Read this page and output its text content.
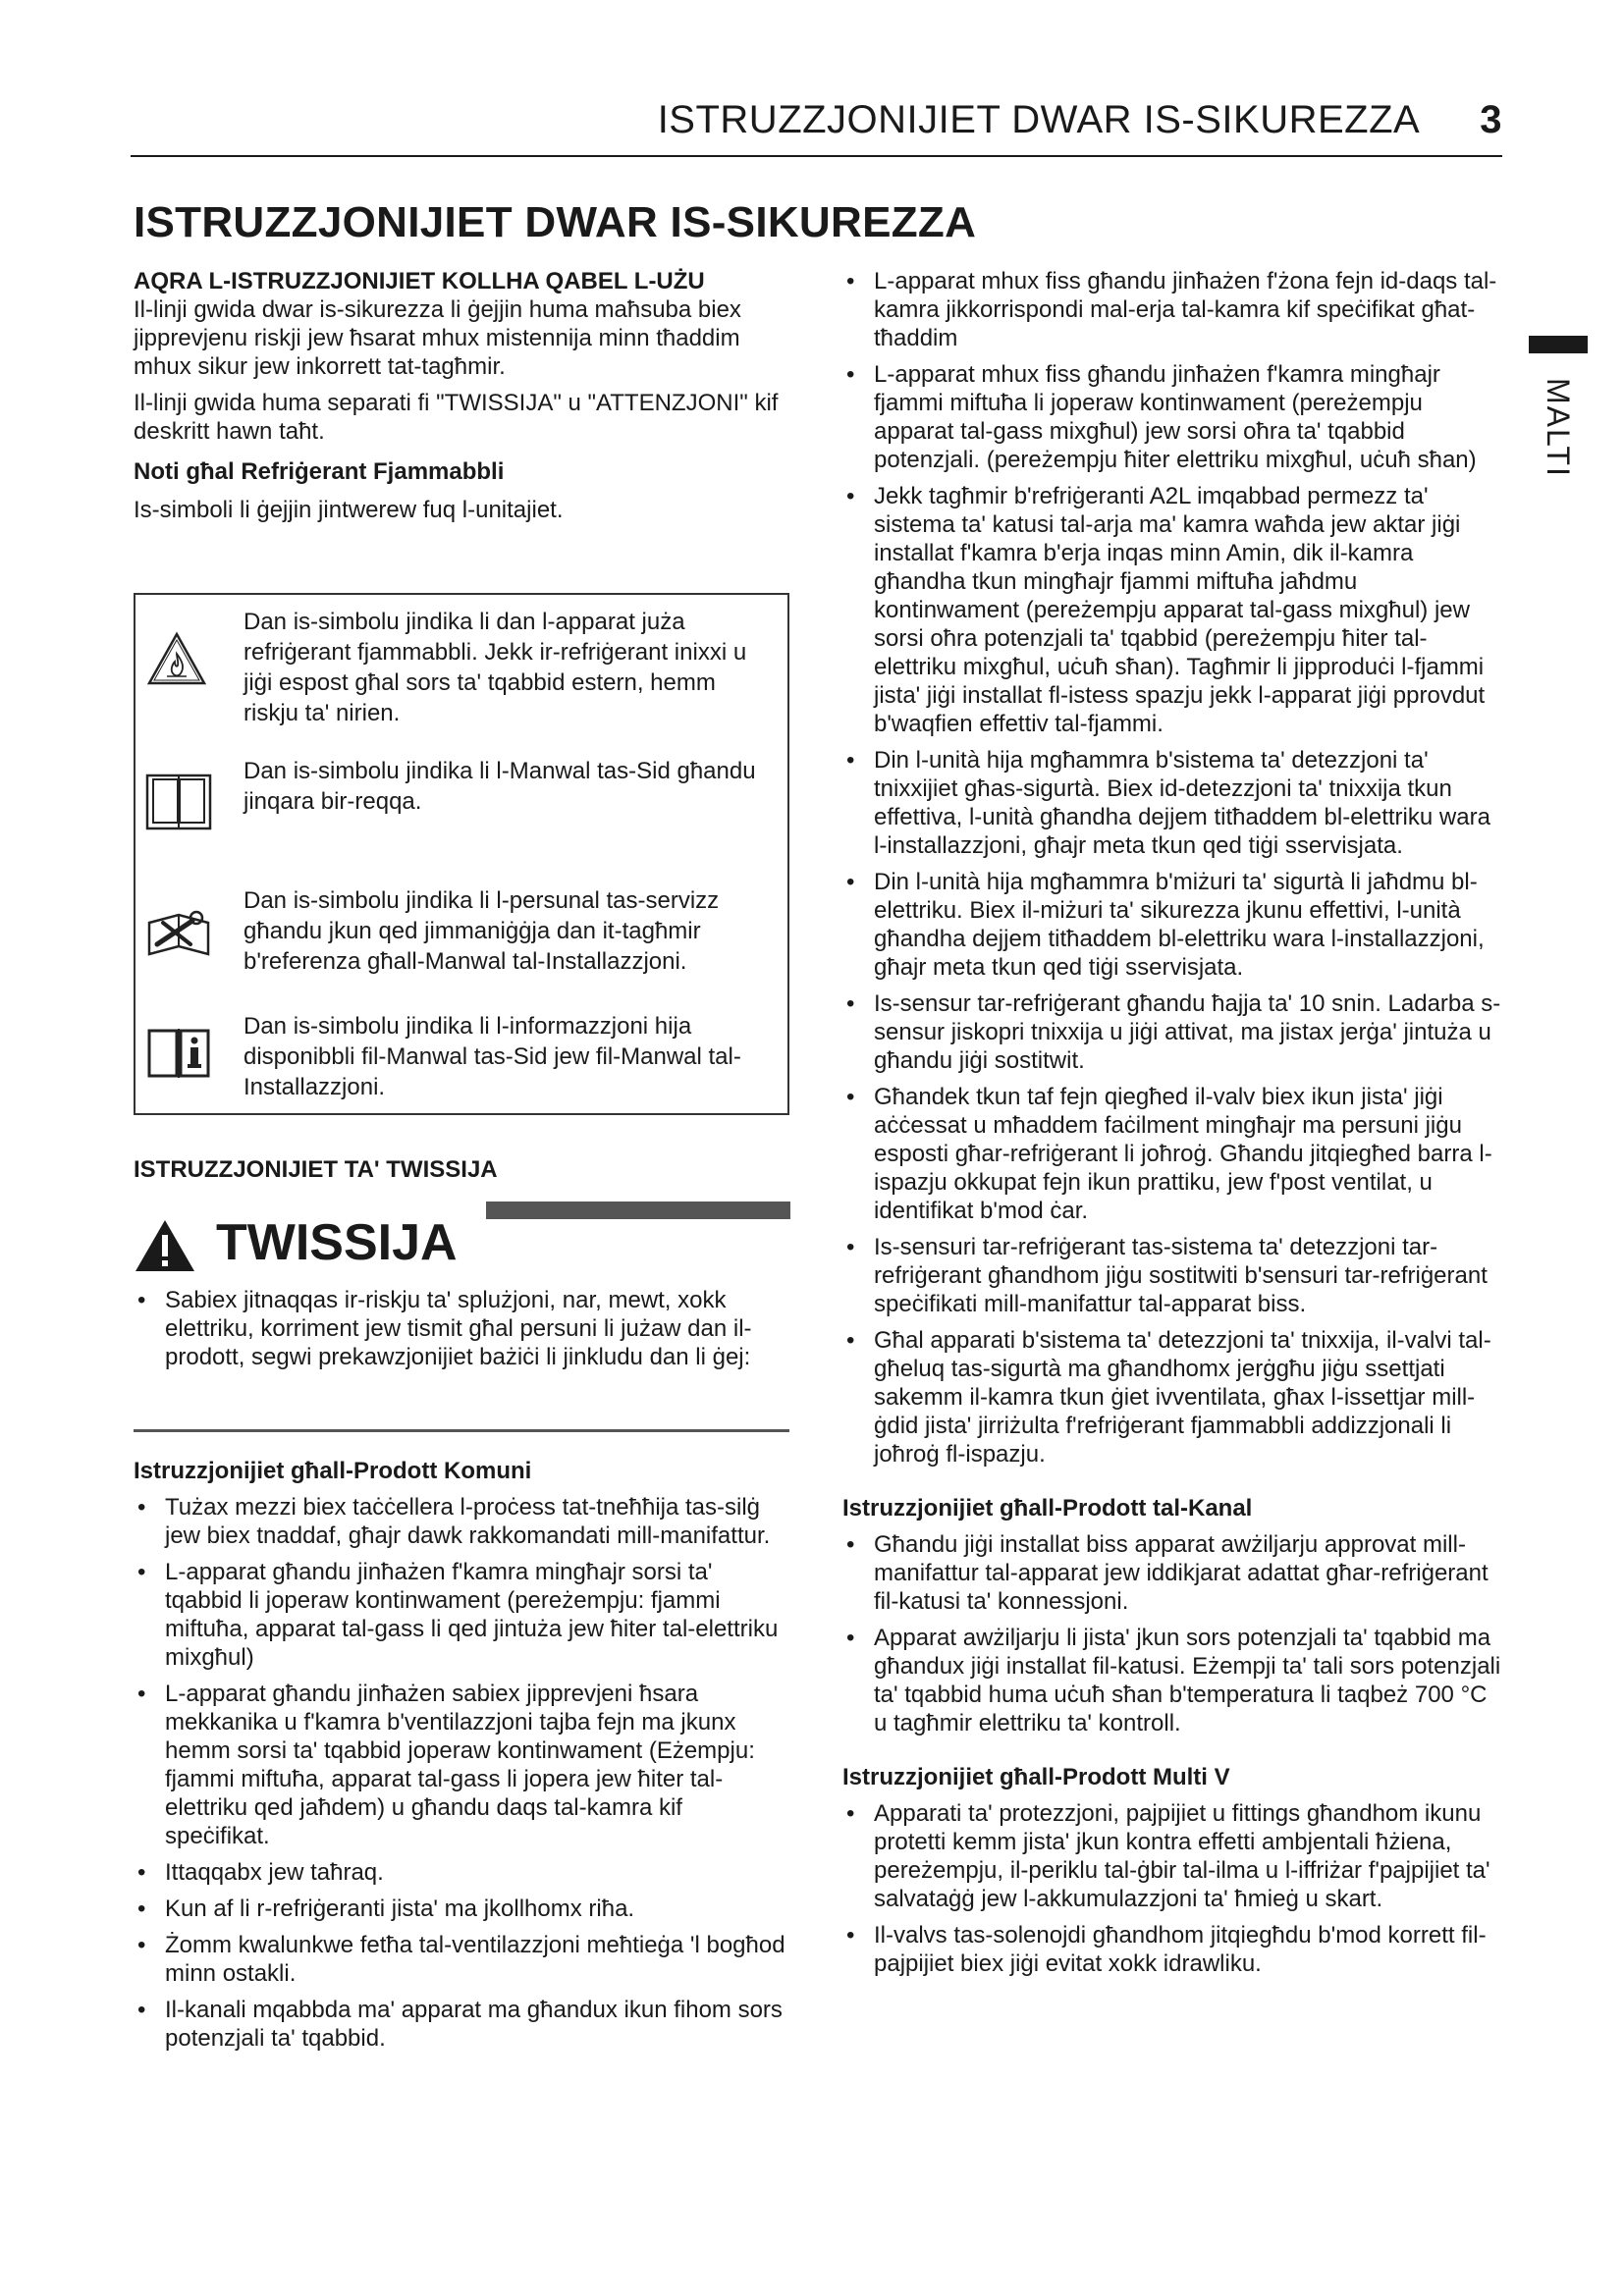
ISTRUZZJONIJIET DWAR IS-SIKUREZZA 3
MALTI
ISTRUZZJONIJIET DWAR IS-SIKUREZZA

AQRA L-ISTRUZZJONIJIET KOLLHA QABEL L-UŻU

Il-linji gwida dwar is-sikurezza li ġejjin huma maħsuba biex jipprevjenu riskji jew ħsarat mhux mistennija minn tħaddim mhux sikur jew inkorrett tat-tagħmir.

Il-linji gwida huma separati fi "TWISSIJA" u "ATTENZJONI" kif deskritt hawn taħt.

Noti għal Refriġerant Fjammabbli

Is-simboli li ġejjin jintwerew fuq l-unitajiet.

Dan is-simbolu jindika li dan l-apparat juża refriġerant fjammabbli. Jekk ir-refriġerant inixxi u jiġi espost għal sors ta' tqabbid estern, hemm riskju ta' nirien.
Dan is-simbolu jindika li l-Manwal tas-Sid għandu jinqara bir-reqqa.
Dan is-simbolu jindika li l-persunal tas-servizz għandu jkun qed jimmaniġġja dan it-tagħmir b'referenza għall-Manwal tal-Installazzjoni.
Dan is-simbolu jindika li l-informazzjoni hija disponibbli fil-Manwal tas-Sid jew fil-Manwal tal-Installazzjoni.
ISTRUZZJONIJIET TA' TWISSIJA
TWISSIJA
• Sabiex jitnaqqas ir-riskju ta' splużjoni, nar, mewt, xokk elettriku, korriment jew tismit għal persuni li jużaw dan il-prodott, segwi prekawzjonijiet bażiċi li jinkludu dan li ġej:

Istruzzjonijiet għall-Prodott Komuni

• Tużax mezzi biex taċċellera l-proċess tat-tneħħija tas-silġ jew biex tnaddaf, għajr dawk rakkomandati mill-manifattur.
• L-apparat għandu jinħażen f'kamra mingħajr sorsi ta' tqabbid li joperaw kontinwament (pereżempju: fjammi miftuħa, apparat tal-gass li qed jintuża jew ħiter tal-elettriku mixgħul)
• L-apparat għandu jinħażen sabiex jipprevjeni ħsara mekkanika u f'kamra b'ventilazzjoni tajba fejn ma jkunx hemm sorsi ta' tqabbid joperaw kontinwament (Eżempju: fjammi miftuħa, apparat tal-gass li jopera jew ħiter tal-elettriku qed jaħdem) u għandu daqs tal-kamra kif speċifikat.
• Ittaqqabx jew taħraq.
• Kun af li r-refriġeranti jista' ma jkollhomx riħa.
• Żomm kwalunkwe fetħa tal-ventilazzjoni meħtieġa 'l bogħod minn ostakli.
• Il-kanali mqabbda ma' apparat ma għandux ikun fihom sors potenzjali ta' tqabbid.
• L-apparat mhux fiss għandu jinħażen f'żona fejn id-daqs tal-kamra jikkorrispondi mal-erja tal-kamra kif speċifikat għat-tħaddim
• L-apparat mhux fiss għandu jinħażen f'kamra mingħajr fjammi miftuħa li joperaw kontinwament (pereżempju apparat tal-gass mixgħul) jew sorsi oħra ta' tqabbid potenzjali. (pereżempju ħiter elettriku mixgħul, uċuħ sħan)
• Jekk tagħmir b'refriġeranti A2L imqabbad permezz ta' sistema ta' katusi tal-arja ma' kamra waħda jew aktar jiġi installat f'kamra b'erja inqas minn Amin, dik il-kamra għandha tkun mingħajr fjammi miftuħa jaħdmu kontinwament (pereżempju apparat tal-gass mixgħul) jew sorsi oħra potenzjali ta' tqabbid (pereżempju ħiter tal-elettriku mixgħul, uċuħ sħan). Tagħmir li jipproduċi l-fjammi jista' jiġi installat fl-istess spazju jekk l-apparat jiġi pprovdut b'waqfien effettiv tal-fjammi.
• Din l-unità hija mgħammra b'sistema ta' detezzjoni ta' tnixxijiet għas-sigurtà. Biex id-detezzjoni ta' tnixxija tkun effettiva, l-unità għandha dejjem titħaddem bl-elettriku wara l-installazzjoni, għajr meta tkun qed tiġi sservisjata.
• Din l-unità hija mgħammra b'miżuri ta' sigurtà li jaħdmu bl-elettriku. Biex il-miżuri ta' sikurezza jkunu effettivi, l-unità għandha dejjem titħaddem bl-elettriku wara l-installazzjoni, għajr meta tkun qed tiġi sservisjata.
• Is-sensur tar-refriġerant għandu ħajja ta' 10 snin. Ladarba s-sensur jiskopri tnixxija u jiġi attivat, ma jistax jerġa' jintuża u għandu jiġi sostitwit.
• Għandek tkun taf fejn qiegħed il-valv biex ikun jista' jiġi aċċessat u mħaddem faċilment mingħajr ma persuni jiġu esposti għar-refriġerant li joħroġ. Għandu jitqiegħed barra l-ispazju okkupat fejn ikun prattiku, jew f'post ventilat, u identifikat b'mod ċar.
• Is-sensuri tar-refriġerant tas-sistema ta' detezzjoni tar-refriġerant għandhom jiġu sostitwiti b'sensuri tar-refriġerant speċifikati mill-manifattur tal-apparat biss.
• Għal apparati b'sistema ta' detezzjoni ta' tnixxija, il-valvi tal-għeluq tas-sigurtà ma għandhomx jerġgħu jiġu ssettjati sakemm il-kamra tkun ġiet ivventilata, għax l-issettjar mill-ġdid jista' jirriżulta f'refriġerant fjammabbli addizzjonali li joħroġ fl-ispazju.

Istruzzjonijiet għall-Prodott tal-Kanal

• Għandu jiġi installat biss apparat awżiljarju approvat mill-manifattur tal-apparat jew iddikjarat adattat għar-refriġerant fil-katusi ta' konnessjoni.
• Apparat awżiljarju li jista' jkun sors potenzjali ta' tqabbid ma għandux jiġi installat fil-katusi. Eżempji ta' tali sors potenzjali ta' tqabbid huma uċuħ sħan b'temperatura li taqbeż 700 °C u tagħmir elettriku ta' kontroll.

Istruzzjonijiet għall-Prodott Multi V

• Apparati ta' protezzjoni, pajpijiet u fittings għandhom ikunu protetti kemm jista' jkun kontra effetti ambjentali ħżiena, pereżempju, il-periklu tal-ġbir tal-ilma u l-iffriżar f'pajpijiet ta' salvataġġ jew l-akkumulazzjoni ta' ħmieġ u skart.
• Il-valvs tas-solenojdi għandhom jitqiegħdu b'mod korrett fil-pajpijiet biex jiġi evitat xokk idrawliku.
